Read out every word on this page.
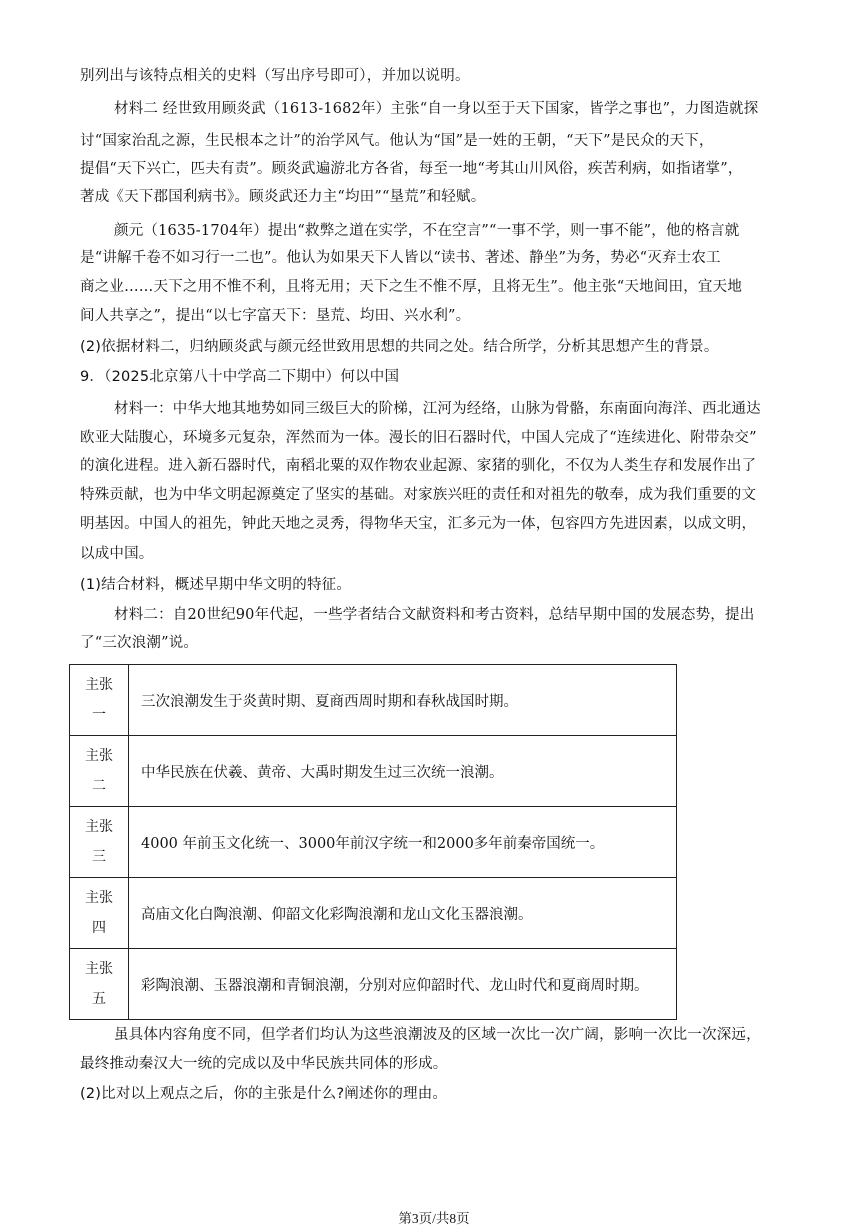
别列出与该特点相关的史料（写出序号即可），并加以说明。
材料二 经世致用顾炎武（1613-1682年）主张“自一身以至于天下国家，皆学之事也”，力图造就探
讨“国家治乱之源，生民根本之计”的治学风气。他认为“国”是一姓的王朝，“天下”是民众的天下，
提倡“天下兴亡，匹夫有责”。顾炎武遍游北方各省，每至一地“考其山川风俗，疾苦利病，如指诸掌”，
著成《天下郡国利病书》。顾炎武还力主“均田”“垦荒”和轻赋。
颜元（1635-1704年）提出“救弊之道在实学，不在空言”“一事不学，则一事不能”，他的格言就
是“讲解千卷不如习行一二也”。他认为如果天下人皆以“读书、著述、静坐”为务，势必“灭弃士农工
商之业……天下之用不惟不利，且将无用；天下之生不惟不厚，且将无生”。他主张“天地间田，宜天地
间人共享之”，提出“以七字富天下：垦荒、均田、兴水利”。
(2)依据材料二，归纳顾炎武与颜元经世致用思想的共同之处。结合所学，分析其思想产生的背景。
9．（2025北京第八十中学高二下期中）何以中国
材料一：中华大地其地势如同三级巨大的阶梯，江河为经络，山脉为骨骼，东南面向海洋、西北通达
欧亚大陆腹心，环境多元复杂，浑然而为一体。漫长的旧石器时代，中国人完成了“连续进化、附带杂交”
的演化进程。进入新石器时代，南稻北粟的双作物农业起源、家猪的驯化，不仅为人类生存和发展作出了
特殊贡献，也为中华文明起源奠定了坚实的基础。对家族兴旺的责任和对祖先的敬奉，成为我们重要的文
明基因。中国人的祖先，钟此天地之灵秀，得物华天宝，汇多元为一体，包容四方先进因素，以成文明，
以成中国。
(1)结合材料，概述早期中华文明的特征。
材料二：自20世纪90年代起，一些学者结合文献资料和考古资料，总结早期中国的发展态势，提出
了“三次浪潮”说。
主张
一	三次浪潮发生于炎黄时期、夏商西周时期和春秋战国时期。

主张
二	中华民族在伏羲、黄帝、大禹时期发生过三次统一浪潮。

主张
三	4000 年前玉文化统一、3000年前汉字统一和2000多年前秦帝国统一。

主张
四	高庙文化白陶浪潮、仰韶文化彩陶浪潮和龙山文化玉器浪潮。

主张
五	彩陶浪潮、玉器浪潮和青铜浪潮，分别对应仰韶时代、龙山时代和夏商周时期。
虽具体内容角度不同，但学者们均认为这些浪潮波及的区域一次比一次广阔，影响一次比一次深远，
最终推动秦汉大一统的完成以及中华民族共同体的形成。
(2)比对以上观点之后，你的主张是什么?阐述你的理由。
第3页/共8页
